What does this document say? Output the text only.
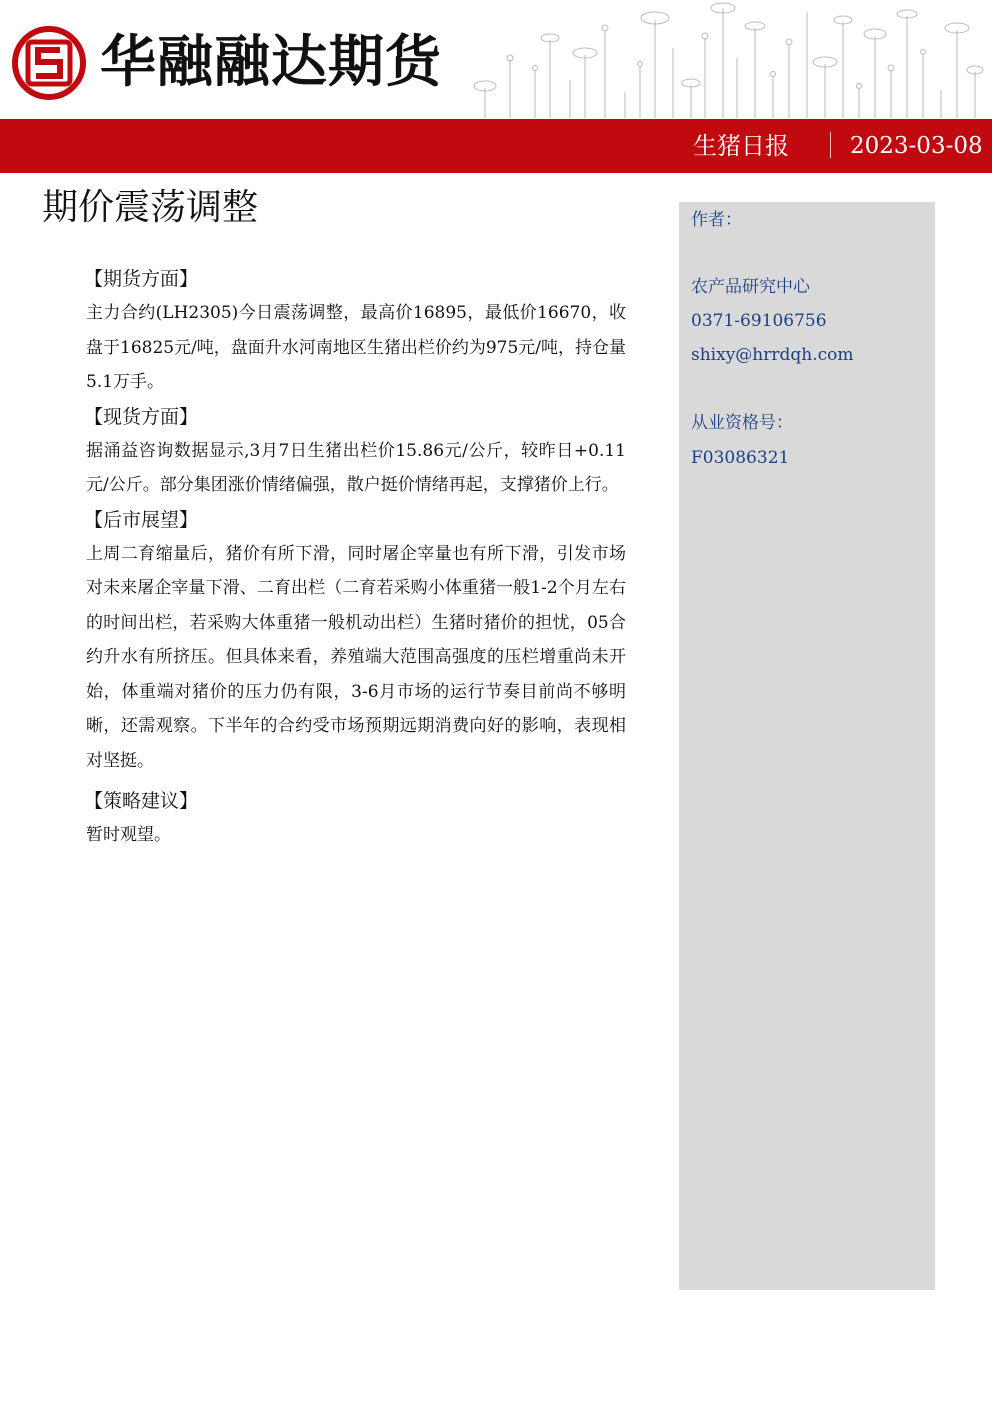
华融融达期货
生猪日报	2023-03-08
期价震荡调整

【期货方面】

主力合约(LH2305)今日震荡调整，最高价16895，最低价16670，收盘于16825元/吨，盘面升水河南地区生猪出栏价约为975元/吨，持仓量5.1万手。

【现货方面】

据涌益咨询数据显示,3月7日生猪出栏价15.86元/公斤，较昨日+0.11元/公斤。部分集团涨价情绪偏强，散户挺价情绪再起，支撑猪价上行。

【后市展望】

上周二育缩量后，猪价有所下滑，同时屠企宰量也有所下滑，引发市场对未来屠企宰量下滑、二育出栏（二育若采购小体重猪一般1-2个月左右的时间出栏，若采购大体重猪一般机动出栏）生猪时猪价的担忧，05合约升水有所挤压。但具体来看，养殖端大范围高强度的压栏增重尚未开始，体重端对猪价的压力仍有限，3-6月市场的运行节奏目前尚不够明晰，还需观察。下半年的合约受市场预期远期消费向好的影响，表现相对坚挺。

【策略建议】

暂时观望。

作者：
农产品研究中心
0371-69106756
shixy@hrrdqh.com
从业资格号：
F03086321
